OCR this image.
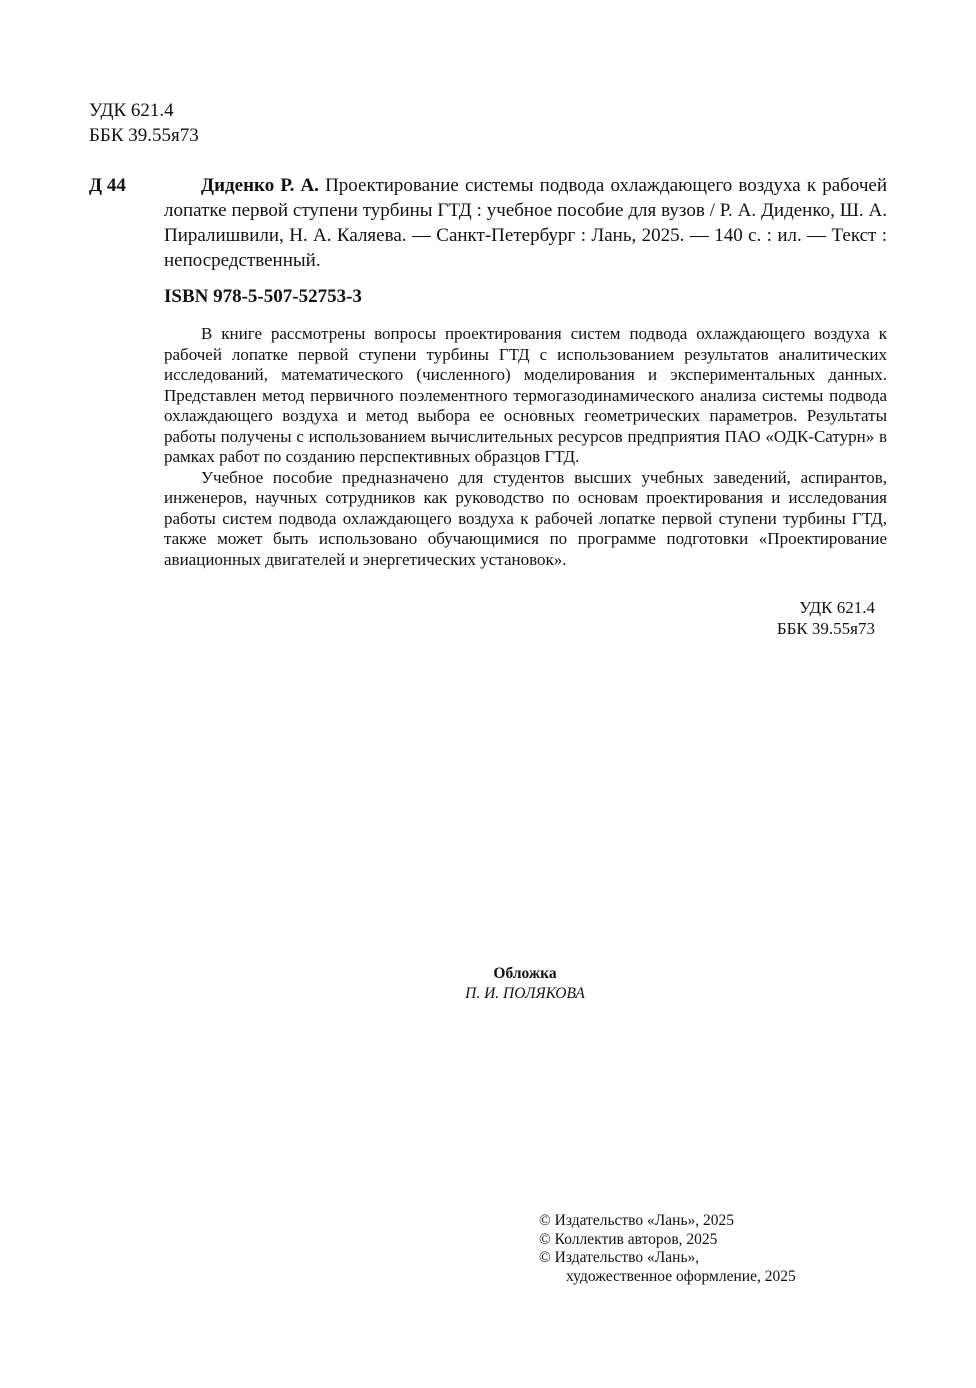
УДК 621.4
ББК 39.55я73
Д 44	Диденко Р. А. Проектирование системы подвода охлаждающего воздуха к рабочей лопатке первой ступени турбины ГТД : учебное пособие для вузов / Р. А. Диденко, Ш. А. Пиралишвили, Н. А. Каляева. — Санкт-Петербург : Лань, 2025. — 140 с. : ил. — Текст : непосредственный.
ISBN 978-5-507-52753-3

В книге рассмотрены вопросы проектирования систем подвода охлаждающего воздуха к рабочей лопатке первой ступени турбины ГТД с использованием результатов аналитических исследований, математического (численного) моделирования и экспериментальных данных. Представлен метод первичного поэлементного термогазодинамического анализа системы подвода охлаждающего воздуха и метод выбора ее основных геометрических параметров. Результаты работы получены с использованием вычислительных ресурсов предприятия ПАО «ОДК-Сатурн» в рамках работ по созданию перспективных образцов ГТД.

Учебное пособие предназначено для студентов высших учебных заведений, аспирантов, инженеров, научных сотрудников как руководство по основам проектирования и исследования работы систем подвода охлаждающего воздуха к рабочей лопатке первой ступени турбины ГТД, также может быть использовано обучающимися по программе подготовки «Проектирование авиационных двигателей и энергетических установок».

УДК 621.4
ББК 39.55я73
Обложка
П. И. ПОЛЯКОВА
© Издательство «Лань», 2025
© Коллектив авторов, 2025
© Издательство «Лань»,
художественное оформление, 2025
